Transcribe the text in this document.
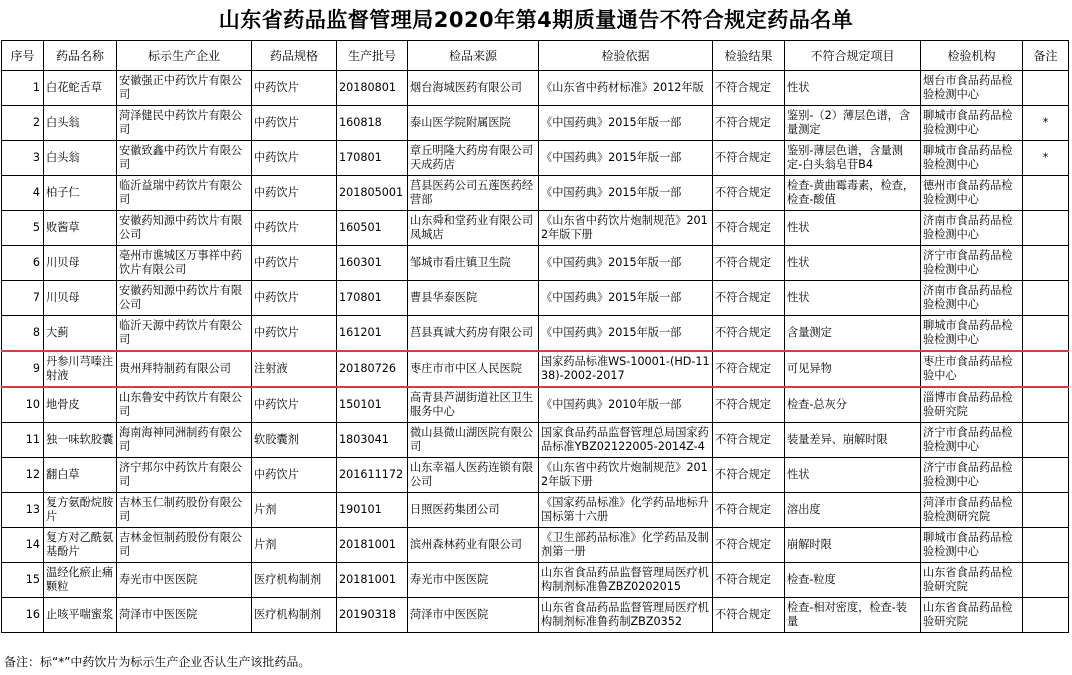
山东省药品监督管理局2020年第4期质量通告不符合规定药品名单
序号	药品名称	标示生产企业	药品规格	生产批号	检品来源	检验依据	检验结果	不符合规定项目	检验机构	备注
1	白花蛇舌草	安徽强正中药饮片有限公司	中药饮片	20180801	烟台海城医药有限公司	《山东省中药材标准》2012年版	不符合规定	性状	烟台市食品药品检验检测中心	
2	白头翁	菏泽健民中药饮片有限公司	中药饮片	160818	泰山医学院附属医院	《中国药典》2015年版一部	不符合规定	鉴别-（2）薄层色谱，含量测定	聊城市食品药品检验检测中心	*
3	白头翁	安徽致鑫中药饮片有限公司	中药饮片	170801	章丘明隆大药房有限公司天成药店	《中国药典》2015年版一部	不符合规定	鉴别-薄层色谱，含量测定-白头翁皂苷B4	聊城市食品药品检验检测中心	*
4	柏子仁	临沂益瑞中药饮片有限公司	中药饮片	201805001	莒县医药公司五莲医药经营部	《中国药典》2015年版一部	不符合规定	检查-黄曲霉毒素，检查，检查-酸值	德州市食品药品检验检测中心	
5	败酱草	安徽药知源中药饮片有限公司	中药饮片	160501	山东舜和堂药业有限公司凤城店	《山东省中药饮片炮制规范》2012年版下册	不符合规定	性状	济南市食品药品检验检测中心	
6	川贝母	亳州市谯城区万事祥中药饮片有限公司	中药饮片	160301	邹城市看庄镇卫生院	《中国药典》2015年版一部	不符合规定	性状	济宁市食品药品检验检测中心	
7	川贝母	安徽药知源中药饮片有限公司	中药饮片	170801	曹县华泰医院	《中国药典》2015年版一部	不符合规定	性状	济南市食品药品检验检测中心	
8	大蓟	临沂天源中药饮片有限公司	中药饮片	161201	莒县真诚大药房有限公司	《中国药典》2015年版一部	不符合规定	含量测定	聊城市食品药品检验检测中心	
9	丹参川芎嗪注射液	贵州拜特制药有限公司	注射液	20180726	枣庄市市中区人民医院	国家药品标准WS-10001-(HD-1138)-2002-2017	不符合规定	可见异物	枣庄市食品药品检验中心	
10	地骨皮	山东鲁安中药饮片有限公司	中药饮片	150101	高青县芦湖街道社区卫生服务中心	《中国药典》2010年版一部	不符合规定	检查-总灰分	淄博市食品药品检验研究院	
11	独一味软胶囊	海南海神同洲制药有限公司	软胶囊剂	1803041	微山县微山湖医院有限公司	国家食品药品监督管理总局国家药品标准YBZ02122005-2014Z-4	不符合规定	装量差异、崩解时限	济宁市食品药品检验检测中心	
12	翻白草	济宁邦尔中药饮片有限公司	中药饮片	201611172	山东幸福人医药连锁有限公司	《山东省中药饮片炮制规范》2012年版下册	不符合规定	性状	济宁市食品药品检验检测中心	
13	复方氨酚烷胺片	吉林玉仁制药股份有限公司	片剂	190101	日照医药集团公司	《国家药品标准》化学药品地标升国标第十六册	不符合规定	溶出度	菏泽市食品药品检验检测研究院	
14	复方对乙酰氨基酚片	吉林金恒制药股份有限公司	片剂	20181001	滨州森林药业有限公司	《卫生部药品标准》化学药品及制剂第一册	不符合规定	崩解时限	聊城市食品药品检验检测中心	
15	温经化瘀止痛颗粒	寿光市中医医院	医疗机构制剂	20181001	寿光市中医医院	山东省食品药品监督管理局医疗机构制剂标准鲁ZBZ0202015	不符合规定	检查-粒度	山东省食品药品检验研究院	
16	止咳平喘蜜浆	菏泽市中医医院	医疗机构制剂	20190318	菏泽市中医医院	山东省食品药品监督管理局医疗机构制剂标准鲁药制ZBZ0352	不符合规定	检查-相对密度，检查-装量	山东省食品药品检验研究院	
备注：标“*”中药饮片为标示生产企业否认生产该批药品。
